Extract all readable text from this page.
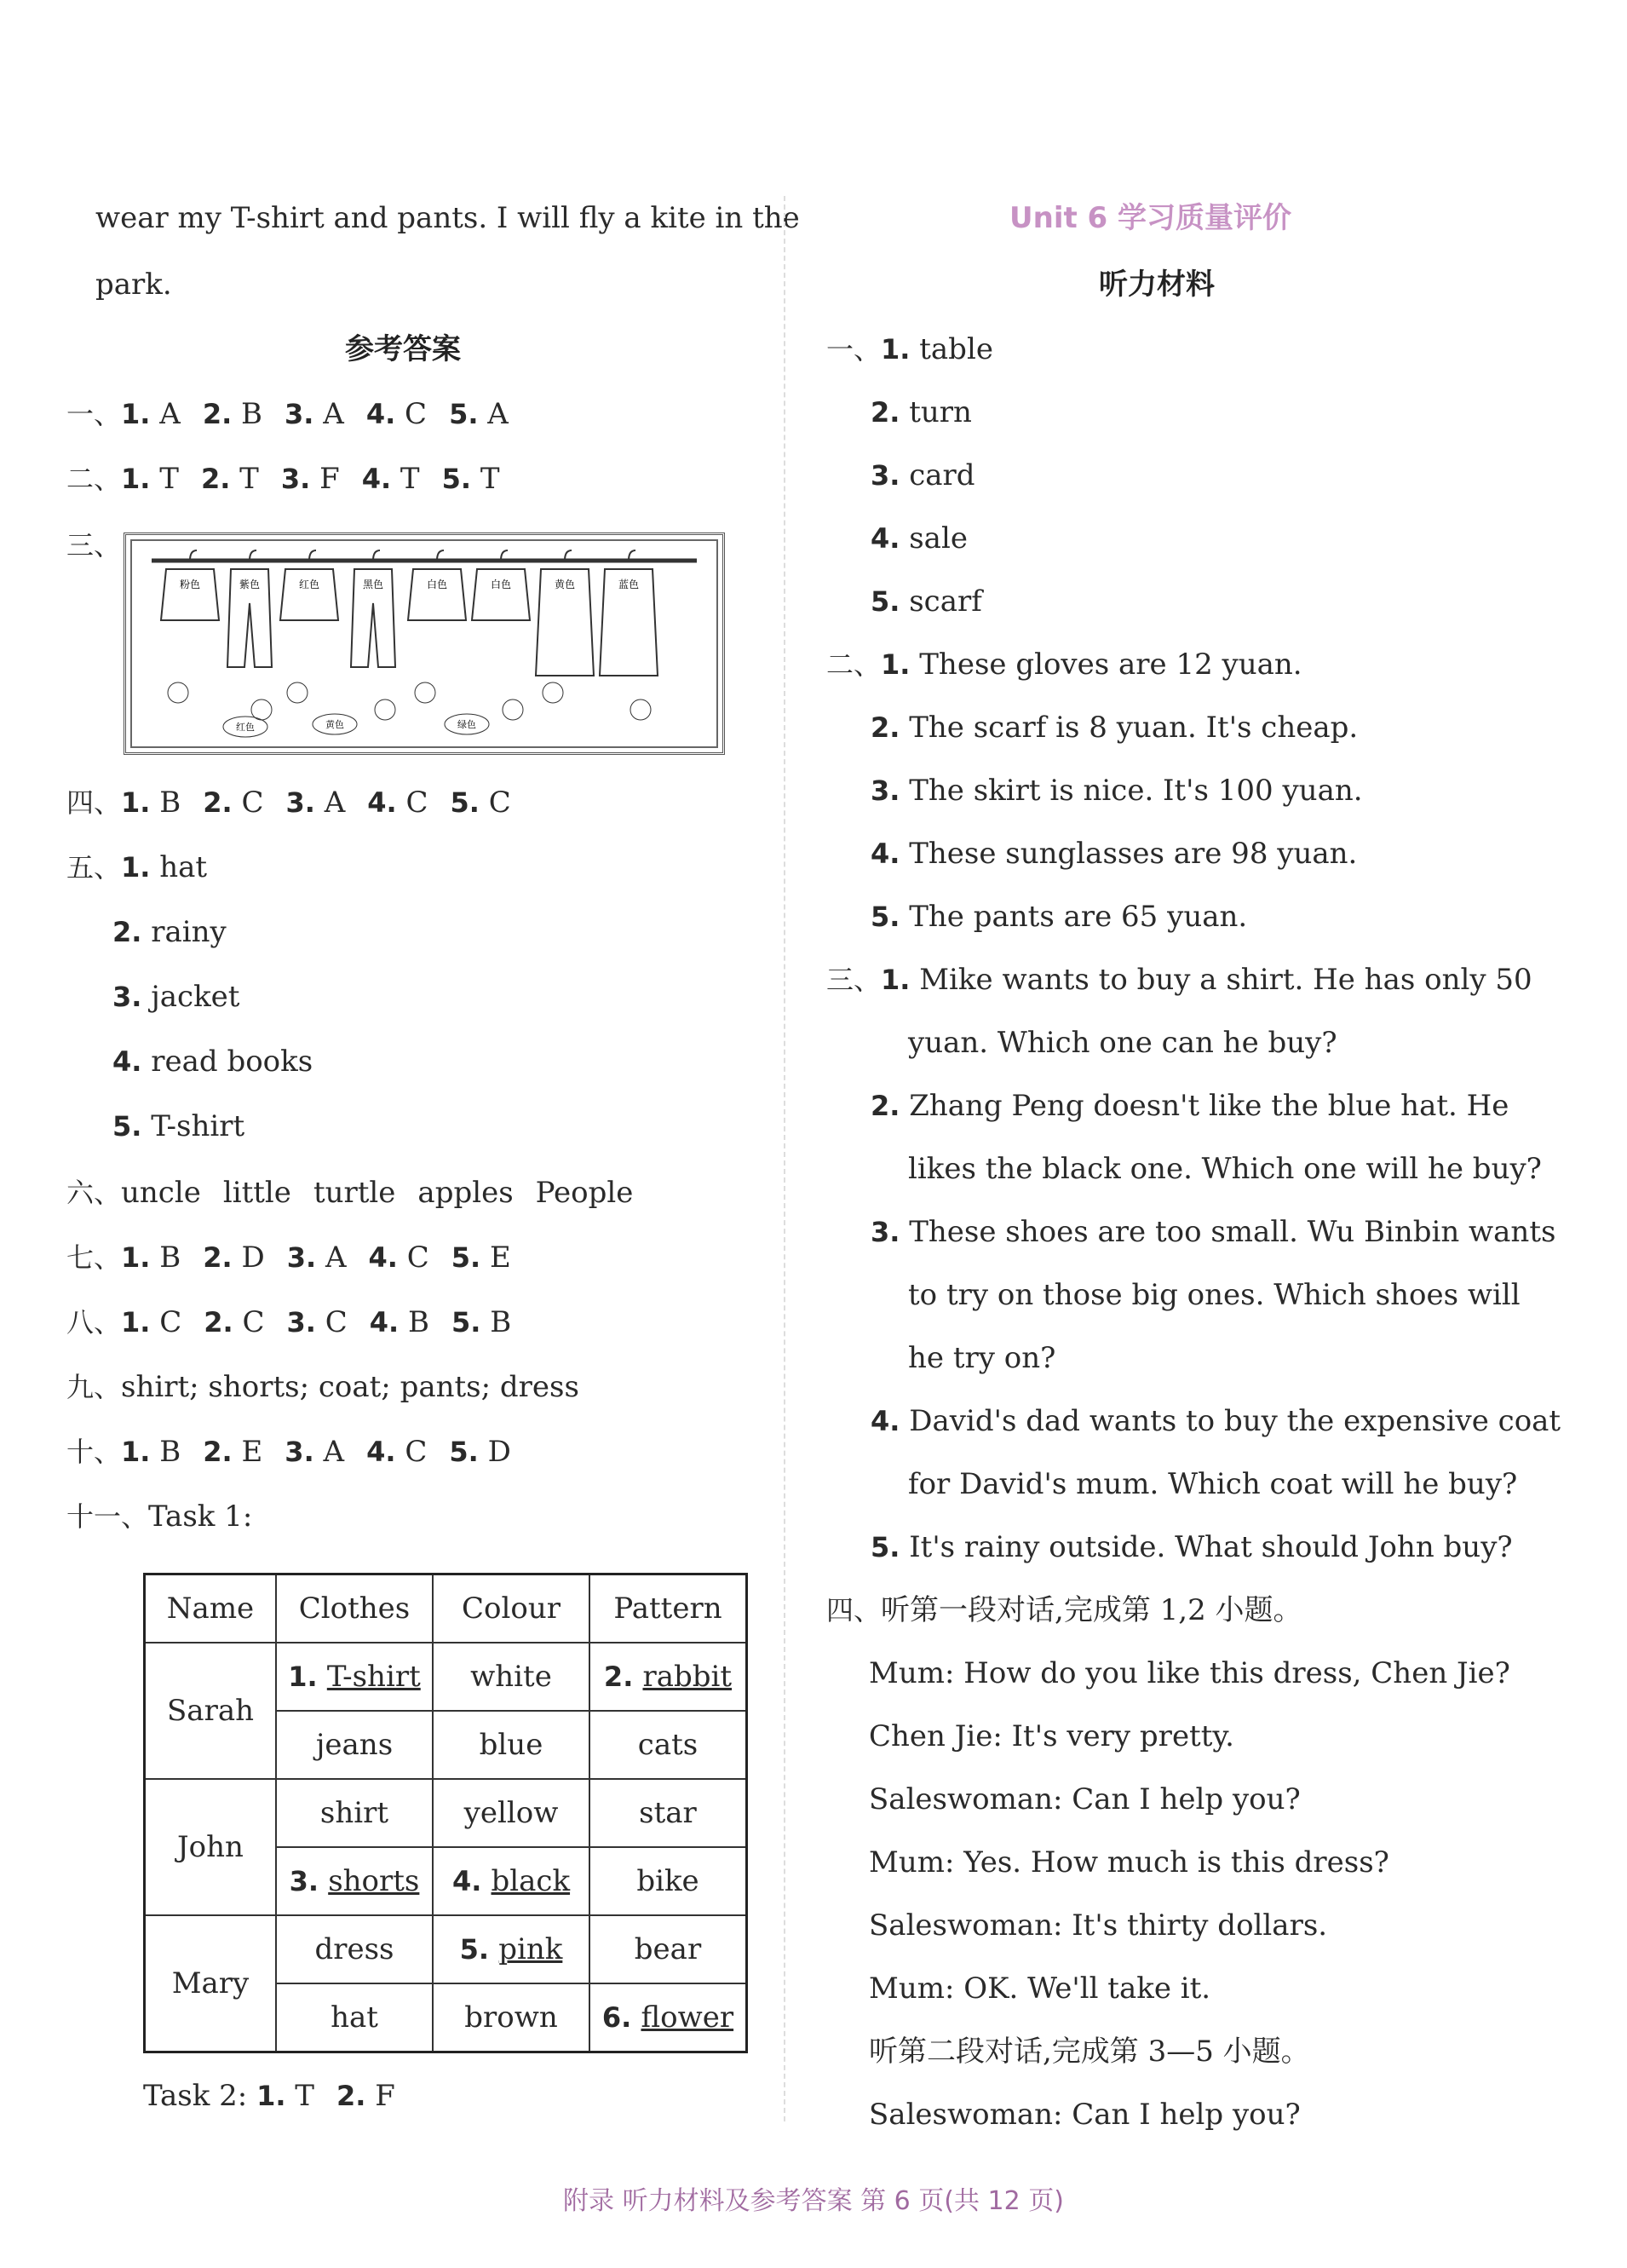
wear my T-shirt and pants. I will fly a kite in the
park.
参考答案
一、1. A 2. B 3. A 4. C 5. A
二、1. T 2. T 3. F 4. T 5. T
三、
粉色	紫色	红色	黑色	白色	白色	黄色	蓝色
红色	黄色	绿色
四、1. B 2. C 3. A 4. C 5. C
五、1. hat
2. rainy
3. jacket
4. read books
5. T-shirt
六、uncle little turtle apples People
七、1. B 2. D 3. A 4. C 5. E
八、1. C 2. C 3. C 4. B 5. B
九、shirt; shorts; coat; pants; dress
十、1. B 2. E 3. A 4. C 5. D
十一、Task 1:
Name	Clothes	Colour	Pattern
Sarah	1. T-shirt	white	2. rabbit
	jeans	blue	cats
John	shirt	yellow	star
	3. shorts	4. black	bike
Mary	dress	5. pink	bear
	hat	brown	6. flower
Task 2: 1. T 2. F
Unit 6 学习质量评价
听力材料
一、1. table
2. turn
3. card
4. sale
5. scarf
二、1. These gloves are 12 yuan.
2. The scarf is 8 yuan. It's cheap.
3. The skirt is nice. It's 100 yuan.
4. These sunglasses are 98 yuan.
5. The pants are 65 yuan.
三、1. Mike wants to buy a shirt. He has only 50
yuan. Which one can he buy?
2. Zhang Peng doesn't like the blue hat. He
likes the black one. Which one will he buy?
3. These shoes are too small. Wu Binbin wants
to try on those big ones. Which shoes will
he try on?
4. David's dad wants to buy the expensive coat
for David's mum. Which coat will he buy?
5. It's rainy outside. What should John buy?
四、听第一段对话,完成第 1,2 小题。
Mum: How do you like this dress, Chen Jie?
Chen Jie: It's very pretty.
Saleswoman: Can I help you?
Mum: Yes. How much is this dress?
Saleswoman: It's thirty dollars.
Mum: OK. We'll take it.
听第二段对话,完成第 3—5 小题。
Saleswoman: Can I help you?
附录 听力材料及参考答案 第 6 页(共 12 页)
